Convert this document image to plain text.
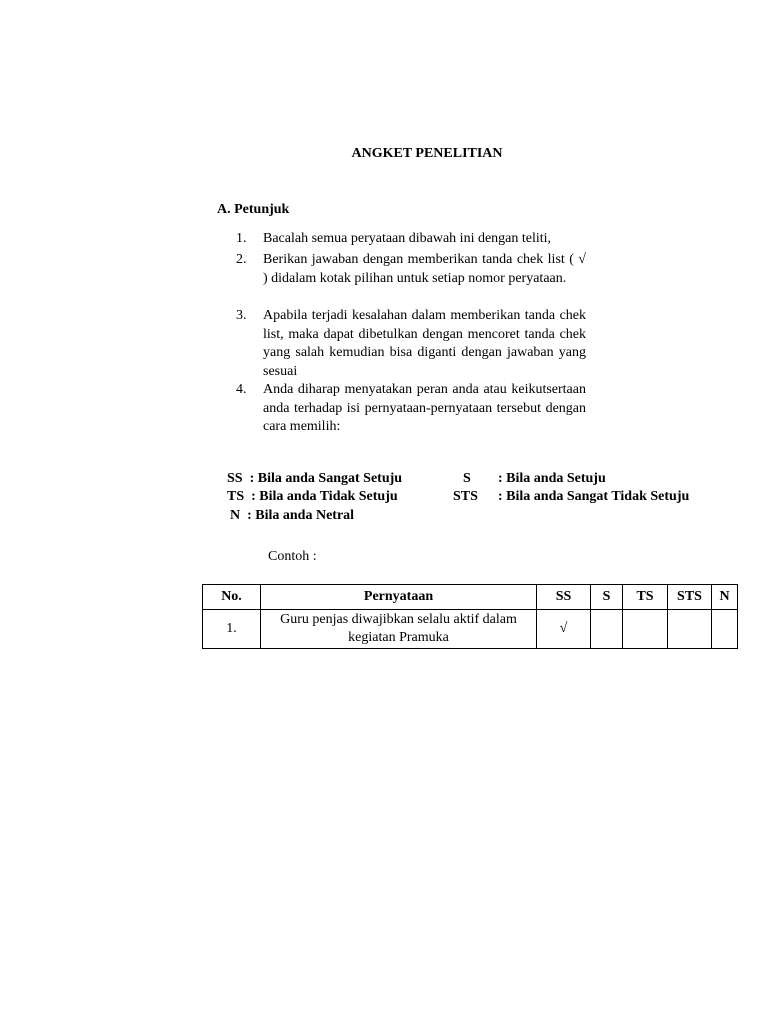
ANGKET PENELITIAN
A. Petunjuk
1.	Bacalah semua peryataan dibawah ini dengan teliti,
2.	Berikan jawaban dengan memberikan tanda chek list ( √ ) didalam kotak pilihan untuk setiap nomor peryataan.
3.	Apabila terjadi kesalahan dalam memberikan tanda chek list, maka dapat dibetulkan dengan mencoret tanda chek yang salah kemudian bisa diganti dengan jawaban yang sesuai
4.	Anda diharap menyatakan peran anda atau keikutsertaan anda terhadap isi pernyataan-pernyataan tersebut dengan cara memilih:
SS  : Bila anda Sangat Setuju	S : Bila anda Setuju
TS  : Bila anda Tidak Setuju	STS : Bila anda Sangat Tidak Setuju
N  : Bila anda Netral
Contoh :
No.	Pernyataan	SS	S	TS	STS	N
1.	Guru penjas diwajibkan selalu aktif dalam kegiatan Pramuka	√				
